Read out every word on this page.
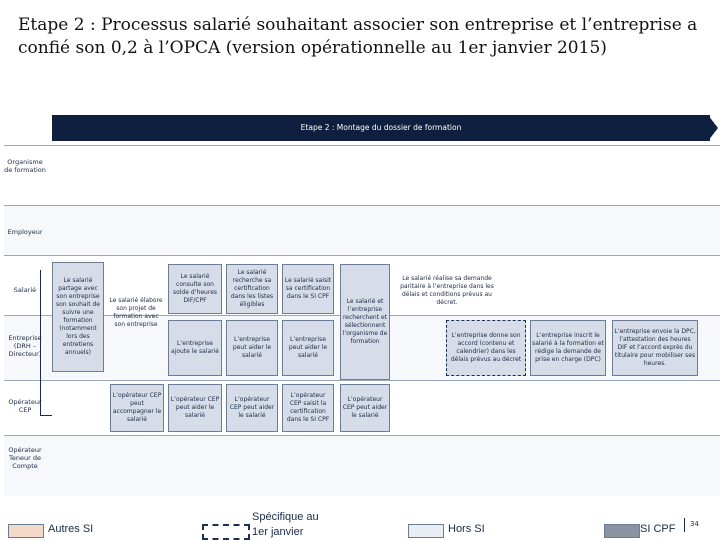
Etape 2 : Processus salarié souhaitant associer son entreprise et l’entreprise a confié son 0,2 à l’OPCA (version opérationnelle au 1er janvier 2015)
Etape 2 : Montage du dossier de formation
Organisme de formation
Employeur
Salarié
Entreprise (DRH – Directeur)
Opérateur CEP
Opérateur Teneur de Compte
Le salarié partage avec son entreprise son souhait de suivre une formation (notamment lors des entretiens annuels)
Le salarié élabore son projet de formation avec son entreprise
Le salarié consulte son solde d’heures DIF/CPF
Le salarié recherche sa certification dans les listes éligibles
Le salarié saisit sa certification dans le SI CPF
Le salarié et l’entreprise recherchent et sélectionnent l’organisme de formation
Le salarié réalise sa demande paritaire à l’entreprise dans les délais et conditions prévus au décret.
L’entreprise ajoute le salarié
L’entreprise peut aider le salarié
L’entreprise peut aider le salarié
L’entreprise donne son accord (contenu et calendrier) dans les délais prévus au décret
L’entreprise inscrit le salarié à la formation et rédige la demande de prise en charge (DPC)
L’entreprise envoie la DPC, l’attestation des heures DIF et l’accord exprès du titulaire pour mobiliser ses heures.
L’opérateur CEP peut accompagner le salarié
L’opérateur CEP peut aider le salarié
L’opérateur CEP peut aider le salarié
L’opérateur CEP saisit la certification dans le SI CPF
L’opérateur CEP peut aider le salarié
Autres SI
Spécifique au 1er janvier	Hors SI	SI CPF 34
